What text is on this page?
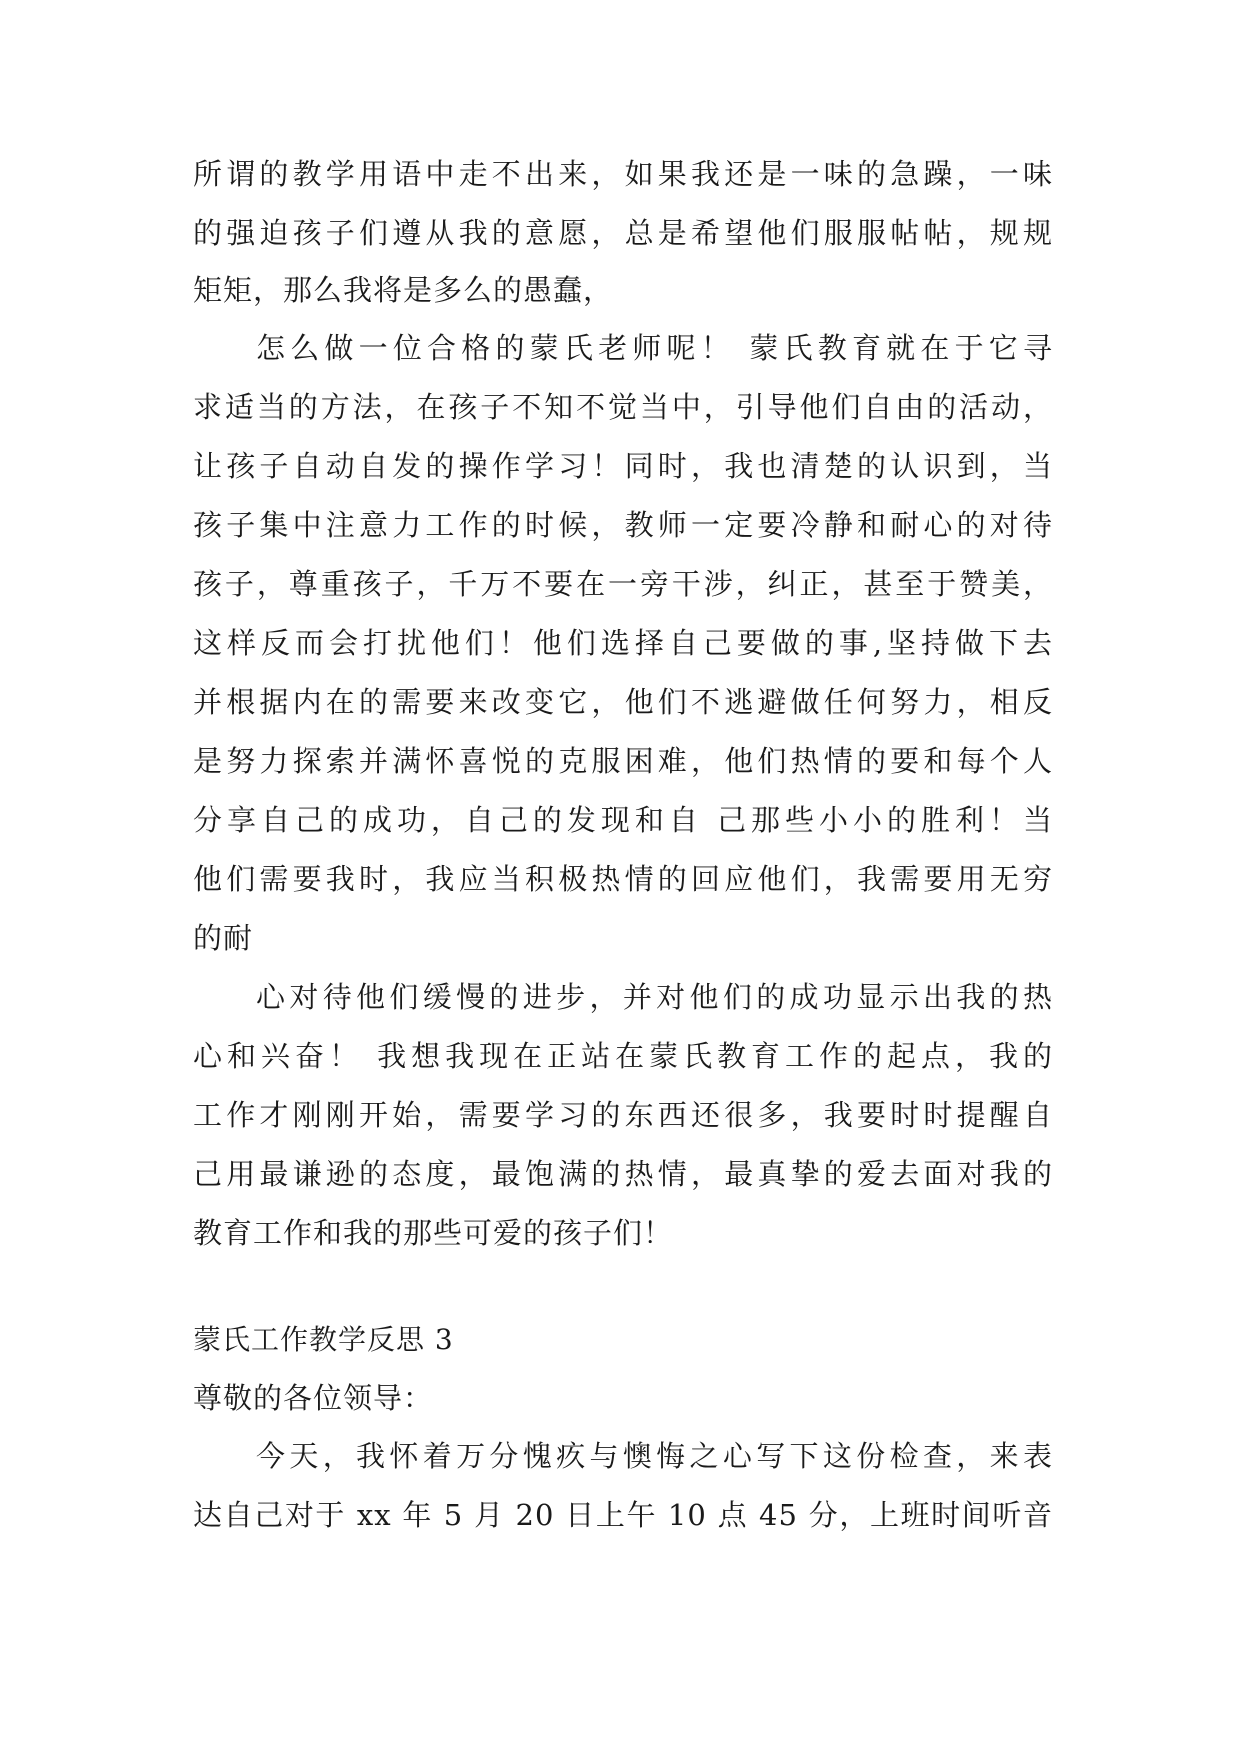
所谓的教学用语中走不出来，如果我还是一味的急躁，一味
的强迫孩子们遵从我的意愿，总是希望他们服服帖帖，规规
矩矩，那么我将是多么的愚蠢，
怎么做一位合格的蒙氏老师呢！ 蒙氏教育就在于它寻
求适当的方法，在孩子不知不觉当中，引导他们自由的活动，
让孩子自动自发的操作学习！同时，我也清楚的认识到，当
孩子集中注意力工作的时候，教师一定要冷静和耐心的对待
孩子，尊重孩子，千万不要在一旁干涉，纠正，甚至于赞美，
这样反而会打扰他们！他们选择自己要做的事,坚持做下去
并根据内在的需要来改变它，他们不逃避做任何努力，相反
是努力探索并满怀喜悦的克服困难，他们热情的要和每个人
分享自己的成功，自己的发现和自 己那些小小的胜利！当
他们需要我时，我应当积极热情的回应他们，我需要用无穷
的耐
心对待他们缓慢的进步，并对他们的成功显示出我的热
心和兴奋！ 我想我现在正站在蒙氏教育工作的起点，我的
工作才刚刚开始，需要学习的东西还很多，我要时时提醒自
己用最谦逊的态度，最饱满的热情，最真挚的爱去面对我的
教育工作和我的那些可爱的孩子们！
蒙氏工作教学反思 3
尊敬的各位领导：
今天，我怀着万分愧疚与懊悔之心写下这份检查，来表
达自己对于 xx 年 5 月 20 日上午 10 点 45 分，上班时间听音
